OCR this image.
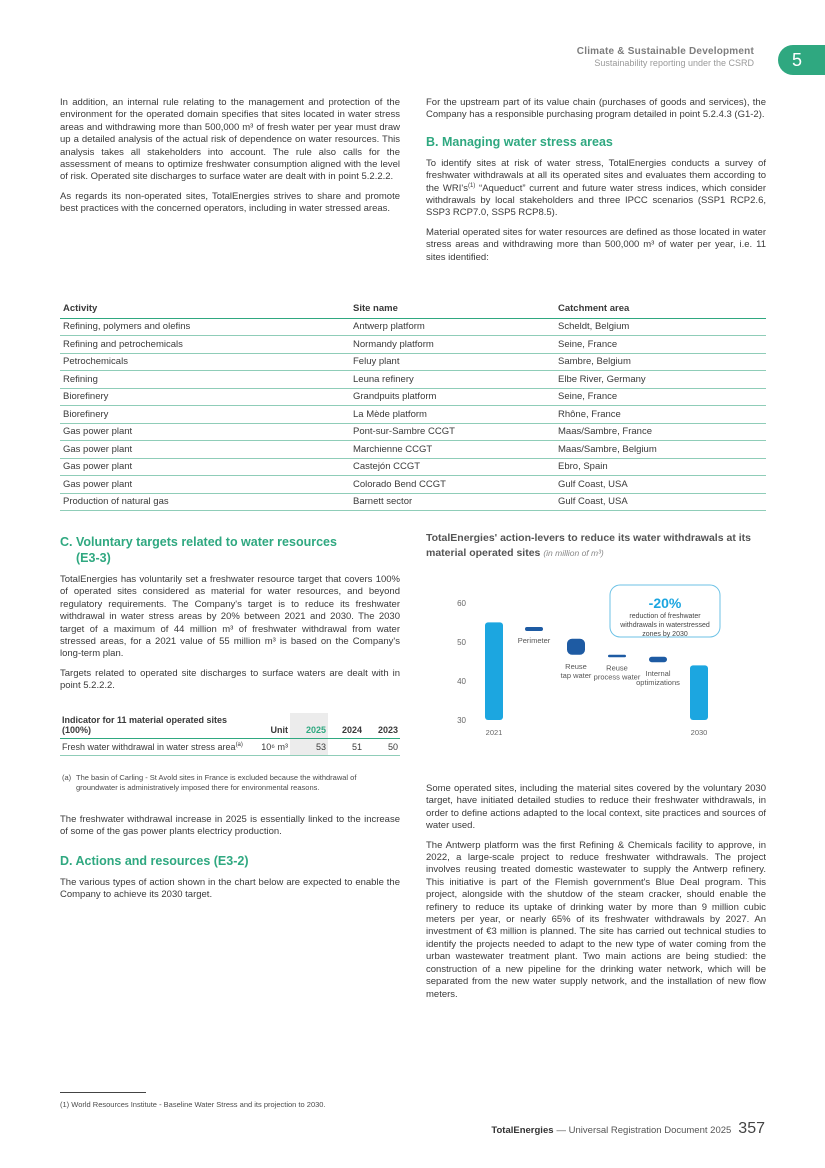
Climate & Sustainable Development
Sustainability reporting under the CSRD	5

In addition, an internal rule relating to the management and protection of the environment for the operated domain specifies that sites located in water stress areas and withdrawing more than 500,000 m³ of fresh water per year must draw up a detailed analysis of the actual risk of dependence on water resources. This analysis takes all stakeholders into account. The rule also calls for the assessment of means to optimize freshwater consumption aligned with the level of risk. Operated site discharges to surface water are dealt with in point 5.2.2.2.

As regards its non-operated sites, TotalEnergies strives to share and promote best practices with the concerned operators, including in water stressed areas.

For the upstream part of its value chain (purchases of goods and services), the Company has a responsible purchasing program detailed in point 5.2.4.3 (G1-2).

B. Managing water stress areas

To identify sites at risk of water stress, TotalEnergies conducts a survey of freshwater withdrawals at all its operated sites and evaluates them according to the $WRI's^{(1)}$ “Aqueduct” current and future water stress indices, which consider withdrawals by local stakeholders and three IPCC scenarios (SSP1 RCP2.6, SSP3 RCP7.0, SSP5 RCP8.5).

Material operated sites for water resources are defined as those located in water stress areas and withdrawing more than 500,000 m³ of water per year, i.e. 11 sites identified:

Activity	Site name	Catchment area
Refining, polymers and olefins	Antwerp platform	Scheldt, Belgium
Refining and petrochemicals	Normandy platform	Seine, France
Petrochemicals	Feluy plant	Sambre, Belgium
Refining	Leuna refinery	Elbe River, Germany
Biorefinery	Grandpuits platform	Seine, France
Biorefinery	La Mède platform	Rhône, France
Gas power plant	Pont-sur-Sambre CCGT	Maas/Sambre, France
Gas power plant	Marchienne CCGT	Maas/Sambre, Belgium
Gas power plant	Castejón CCGT	Ebro, Spain
Gas power plant	Colorado Bend CCGT	Gulf Coast, USA
Production of natural gas	Barnett sector	Gulf Coast, USA
C. Voluntary targets related to water resources
(E3-3)

TotalEnergies has voluntarily set a freshwater resource target that covers 100% of operated sites considered as material for water resources, and beyond regulatory requirements. The Company's target is to reduce its freshwater withdrawal in water stress areas by 20% between 2021 and 2030. The 2030 target of a maximum of 44 million m³ of freshwater withdrawal from water stressed areas, for a 2021 value of 55 million m³ is based on the Company's long-term plan.

Targets related to operated site discharges to surface waters are dealt with in point 5.2.2.2.

Indicator for 11 material operated sites (100%)	Unit	2025	2024	2023
Fresh water withdrawal in water stress area$^{(a)}$	10⁶ m³	53	51	50
(a) The basin of Carling - St Avold sites in France is excluded because the withdrawal of groundwater is administratively imposed there for environmental reasons.

The freshwater withdrawal increase in 2025 is essentially linked to the increase of some of the gas power plants electricy production.

D. Actions and resources (E3-2)

The various types of action shown in the chart below are expected to enable the Company to achieve its 2030 target.

TotalEnergies' action-levers to reduce its water withdrawals at its material operated sites (in million of m³)
30
40
50
60
2021
Perimeter
Reuse
tap water
Reuse
process water Internal
optimizations
2030
-20%
reduction of freshwater
withdrawals in waterstressed
zones by 2030

Some operated sites, including the material sites covered by the voluntary 2030 target, have initiated detailed studies to reduce their freshwater withdrawals, in order to define actions adapted to the local context, site practices and sources of water used.

The Antwerp platform was the first Refining & Chemicals facility to approve, in 2022, a large-scale project to reduce freshwater withdrawals. The project involves reusing treated domestic wastewater to supply the Antwerp refinery. This initiative is part of the Flemish government's Blue Deal program. This project, alongside with the shutdow of the steam cracker, should enable the refinery to reduce its uptake of drinking water by more than 9 million cubic meters per year, or nearly 65% of its freshwater withdrawals by 2027. An investment of €3 million is planned. The site has carried out technical studies to identify the projects needed to adapt to the new type of water coming from the urban wastewater treatment plant. Two main actions are being studied: the construction of a new pipeline for the drinking water network, which will be separated from the new water supply network, and the installation of new flow meters.

(1) World Resources Institute - Baseline Water Stress and its projection to 2030.
TotalEnergies — Universal Registration Document 2025 357
